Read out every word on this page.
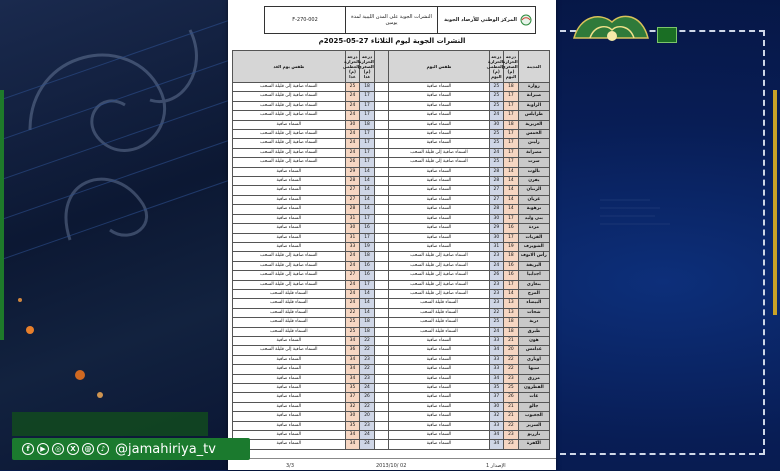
F-270-002	النشرات الجوية على المدن الليبية لمدة يومين	المركز الوطني للأرصاد الجوية
النشرات الجوية ليوم الثلاثاء 27-05-2025م
المدينة	درجة الحرارة الصغرى (م) اليوم	درجة الحرارة العظمى (م) اليوم	طقس اليوم		درجة الحرارة الصغرى (م) غدا	درجة الحرارة العظمى (م) غدا	طقس يوم الغد
زوارة	18	25	السماء صافية		18	25	السماء صافية إلى قليلة السحب
صبراتة	17	25	السماء صافية		17	24	السماء صافية إلى قليلة السحب
الزاوية	17	25	السماء صافية		17	24	السماء صافية إلى قليلة السحب
طرابلس	17	24	السماء صافية		17	24	السماء صافية إلى قليلة السحب
العزيزية	18	30	السماء صافية		18	30	السماء صافية
الخمس	17	25	السماء صافية		17	24	السماء صافية إلى قليلة السحب
زليتن	17	25	السماء صافية		17	24	السماء صافية إلى قليلة السحب
مصراتة	17	24	السماء صافية إلى قليلة السحب		17	24	السماء صافية إلى قليلة السحب
سرت	17	25	السماء صافية إلى قليلة السحب		17	26	السماء صافية إلى قليلة السحب
تالوت	14	28	السماء صافية		14	29	السماء صافية
يفرن	14	28	السماء صافية		14	28	السماء صافية
الزنتان	14	27	السماء صافية		14	27	السماء صافية
غريان	14	27	السماء صافية		14	27	السماء صافية
ترهونة	14	28	السماء صافية		14	28	السماء صافية
بني وليد	17	30	السماء صافية		17	31	السماء صافية
مزدة	16	29	السماء صافية		16	30	السماء صافية
القريات	17	30	السماء صافية		17	31	السماء صافية
الشويرف	19	31	السماء صافية		19	33	السماء صافية
رأس الانوف	18	23	السماء صافية إلى قليلة السحب		18	24	السماء صافية إلى قليلة السحب
البريقة	16	24	السماء صافية إلى قليلة السحب		16	24	السماء صافية إلى قليلة السحب
اجدابيا	16	26	السماء صافية إلى قليلة السحب		16	27	السماء صافية إلى قليلة السحب
بنغازي	17	23	السماء صافية إلى قليلة السحب		17	24	السماء صافية إلى قليلة السحب
المرج	14	23	السماء صافية إلى قليلة السحب		14	24	السماء قليلة السحب
البيضاء	13	23	السماء قليلة السحب		14	24	السماء قليلة السحب
شحات	13	22	السماء قليلة السحب		14	22	السماء قليلة السحب
درنة	18	25	السماء قليلة السحب		18	25	السماء قليلة السحب
طبرق	18	24	السماء قليلة السحب		18	25	السماء قليلة السحب
هون	21	33	السماء صافية		22	34	السماء صافية
غدامس	20	34	السماء صافية		22	36	السماء صافية إلى قليلة السحب
اوباري	22	33	السماء صافية		23	34	السماء صافية
سبها	22	33	السماء صافية		22	34	السماء صافية
مرزق	23	34	السماء صافية		23	34	السماء صافية
القطرون	25	35	السماء صافية		24	35	السماء صافية
غات	26	37	السماء صافية		26	37	السماء صافية
جالو	21	30	السماء صافية		22	32	السماء صافية
الجغبوب	21	32	السماء صافية		20	30	السماء صافية
السرير	22	33	السماء صافية		23	35	السماء صافية
تازربو	23	34	السماء صافية		24	34	السماء صافية
الكفرة	23	34	السماء صافية		24	34	السماء صافية
3/3	2013/10/ 02	الإصدار 1
f	▶	◎	X	@	♪ @jamahiriya_tv
